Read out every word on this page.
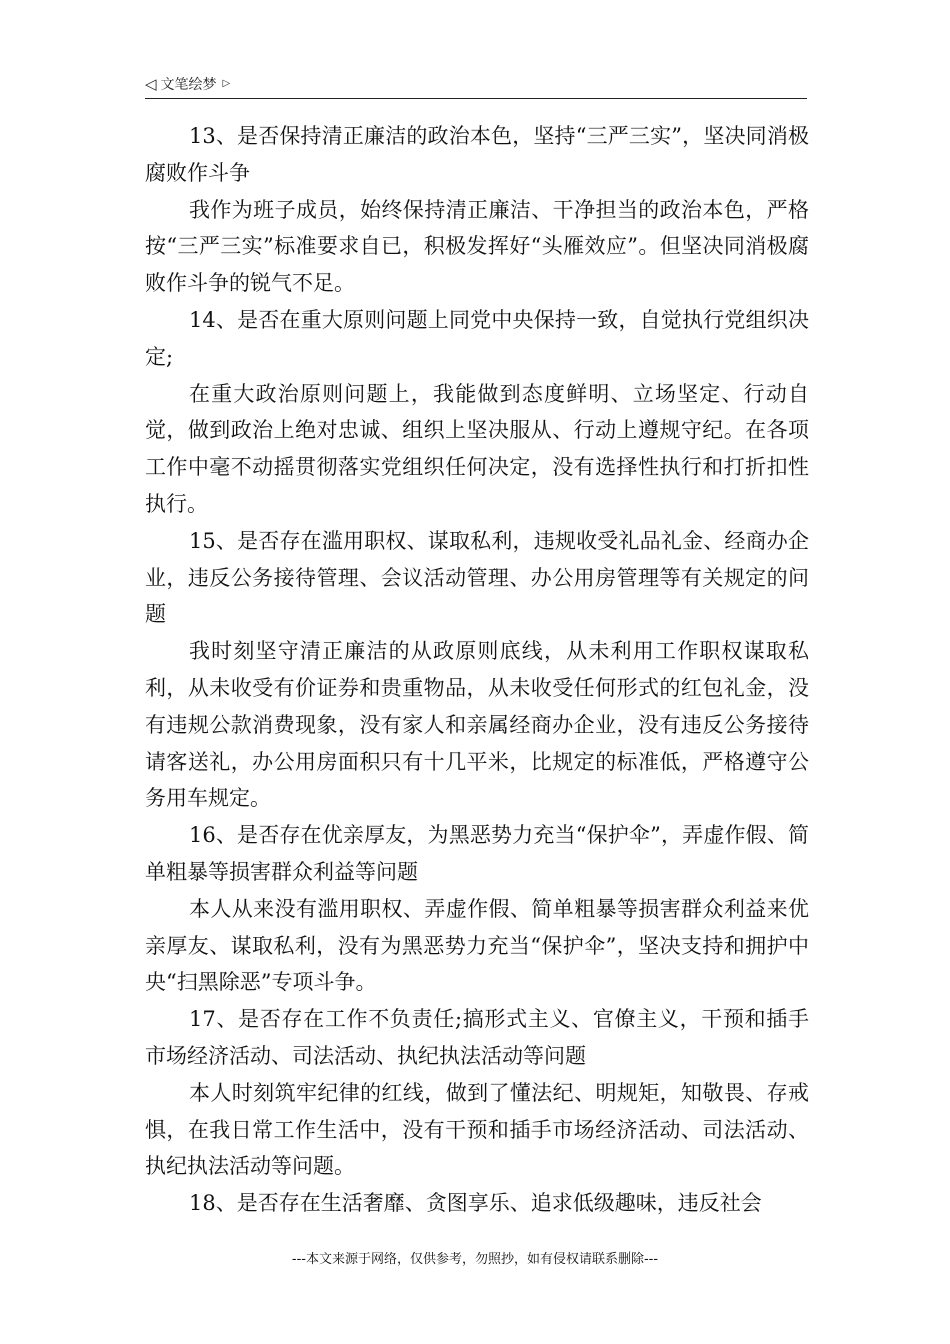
◁ 文笔绘梦 ▷

13、是否保持清正廉洁的政治本色，坚持“三严三实”，坚决同消极腐败作斗争

我作为班子成员，始终保持清正廉洁、干净担当的政治本色，严格按“三严三实”标准要求自已，积极发挥好“头雁效应”。但坚决同消极腐败作斗争的锐气不足。

14、是否在重大原则问题上同党中央保持一致，自觉执行党组织决定;

在重大政治原则问题上，我能做到态度鲜明、立场坚定、行动自觉，做到政治上绝对忠诚、组织上坚决服从、行动上遵规守纪。在各项工作中毫不动摇贯彻落实党组织任何决定，没有选择性执行和打折扣性执行。

15、是否存在滥用职权、谋取私利，违规收受礼品礼金、经商办企业，违反公务接待管理、会议活动管理、办公用房管理等有关规定的问题

我时刻坚守清正廉洁的从政原则底线，从未利用工作职权谋取私利，从未收受有价证券和贵重物品，从未收受任何形式的红包礼金，没有违规公款消费现象，没有家人和亲属经商办企业，没有违反公务接待请客送礼，办公用房面积只有十几平米，比规定的标准低，严格遵守公务用车规定。

16、是否存在优亲厚友，为黑恶势力充当“保护伞”，弄虚作假、简单粗暴等损害群众利益等问题

本人从来没有滥用职权、弄虚作假、简单粗暴等损害群众利益来优亲厚友、谋取私利，没有为黑恶势力充当“保护伞”，坚决支持和拥护中央“扫黑除恶”专项斗争。

17、是否存在工作不负责任;搞形式主义、官僚主义，干预和插手市场经济活动、司法活动、执纪执法活动等问题

本人时刻筑牢纪律的红线，做到了懂法纪、明规矩，知敬畏、存戒惧，在我日常工作生活中，没有干预和插手市场经济活动、司法活动、执纪执法活动等问题。

18、是否存在生活奢靡、贪图享乐、追求低级趣味，违反社会

---本文来源于网络，仅供参考，勿照抄，如有侵权请联系删除---
